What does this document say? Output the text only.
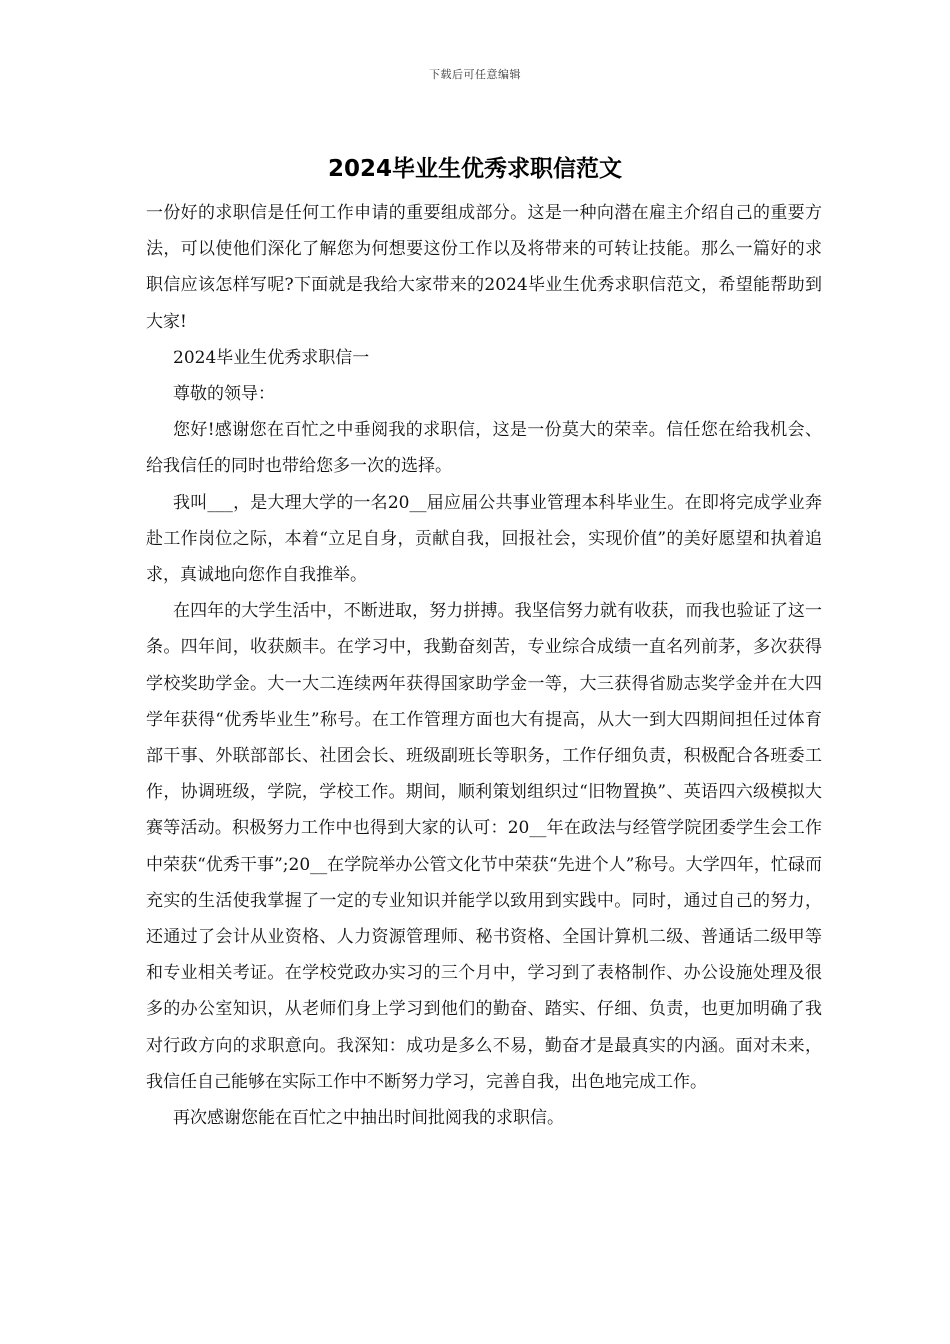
下载后可任意编辑
2024毕业生优秀求职信范文

一份好的求职信是任何工作申请的重要组成部分。这是一种向潜在雇主介绍自己的重要方法，可以使他们深化了解您为何想要这份工作以及将带来的可转让技能。那么一篇好的求职信应该怎样写呢?下面就是我给大家带来的2024毕业生优秀求职信范文，希望能帮助到大家!

2024毕业生优秀求职信一

尊敬的领导：

您好!感谢您在百忙之中垂阅我的求职信，这是一份莫大的荣幸。信任您在给我机会、给我信任的同时也带给您多一次的选择。

我叫___，是大理大学的一名20__届应届公共事业管理本科毕业生。在即将完成学业奔赴工作岗位之际，本着“立足自身，贡献自我，回报社会，实现价值”的美好愿望和执着追求，真诚地向您作自我推举。

在四年的大学生活中，不断进取，努力拼搏。我坚信努力就有收获，而我也验证了这一条。四年间，收获颇丰。在学习中，我勤奋刻苦，专业综合成绩一直名列前茅，多次获得学校奖助学金。大一大二连续两年获得国家助学金一等，大三获得省励志奖学金并在大四学年获得“优秀毕业生”称号。在工作管理方面也大有提高，从大一到大四期间担任过体育部干事、外联部部长、社团会长、班级副班长等职务，工作仔细负责，积极配合各班委工作，协调班级，学院，学校工作。期间，顺利策划组织过“旧物置换”、英语四六级模拟大赛等活动。积极努力工作中也得到大家的认可：20__年在政法与经管学院团委学生会工作中荣获“优秀干事”;20__在学院举办公管文化节中荣获“先进个人”称号。大学四年，忙碌而充实的生活使我掌握了一定的专业知识并能学以致用到实践中。同时，通过自己的努力，还通过了会计从业资格、人力资源管理师、秘书资格、全国计算机二级、普通话二级甲等和专业相关考证。在学校党政办实习的三个月中，学习到了表格制作、办公设施处理及很多的办公室知识，从老师们身上学习到他们的勤奋、踏实、仔细、负责，也更加明确了我对行政方向的求职意向。我深知：成功是多么不易，勤奋才是最真实的内涵。面对未来，我信任自己能够在实际工作中不断努力学习，完善自我，出色地完成工作。

再次感谢您能在百忙之中抽出时间批阅我的求职信。
